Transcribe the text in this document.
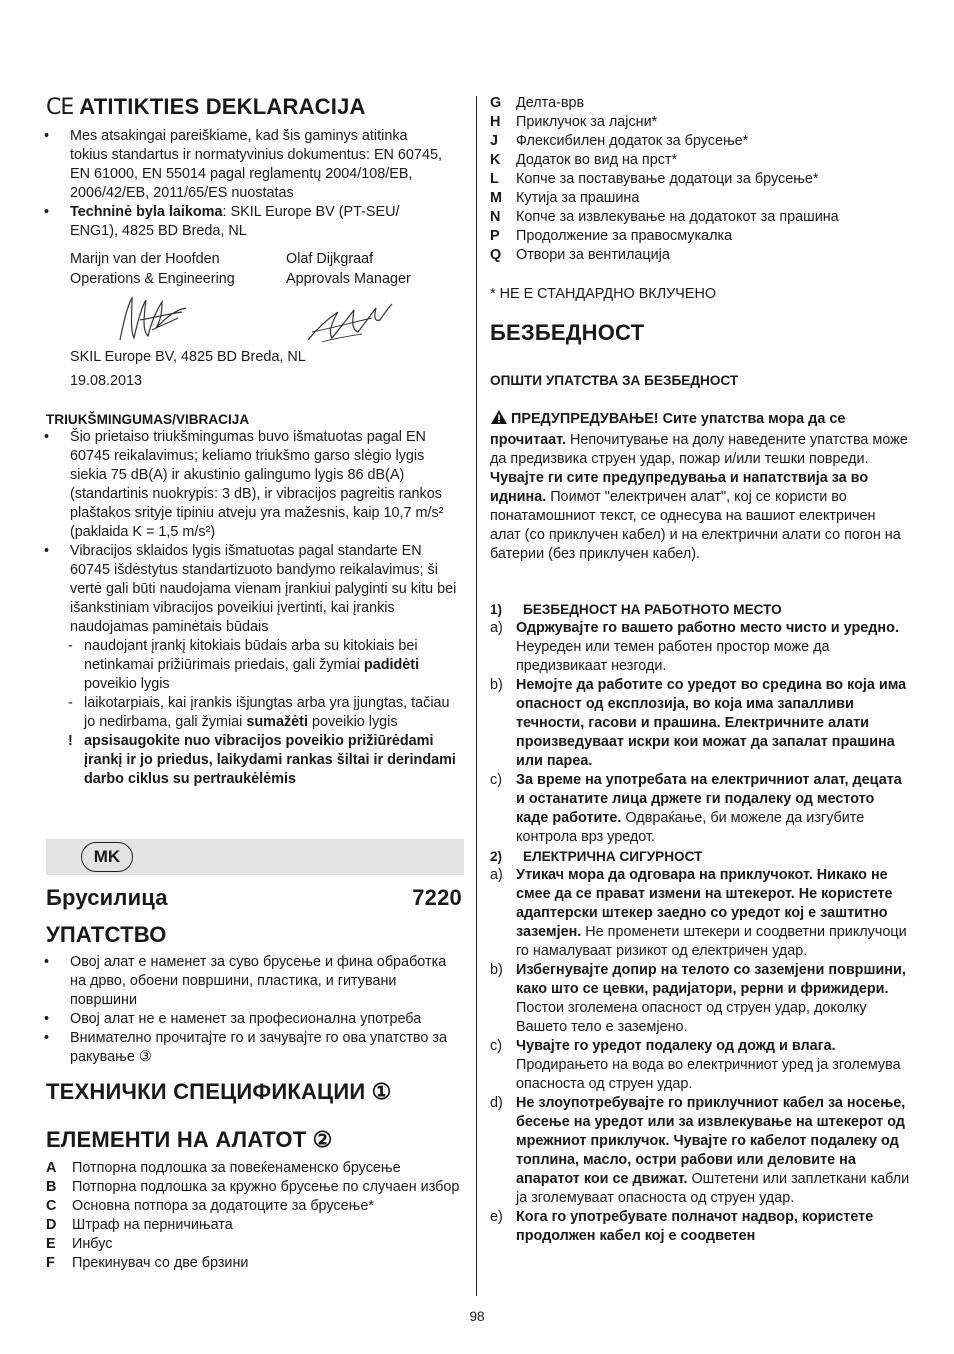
CE ATITIKTIES DEKLARACIJA
• Mes atsakingai pareiškiame, kad šis gaminys atitinka tokius standartus ir normatyvinius dokumentus: EN 60745, EN 61000, EN 55014 pagal reglamentų 2004/108/EB, 2006/42/EB, 2011/65/ES nuostatas
• Techninė byla laikoma: SKIL Europe BV (PT-SEU/ ENG1), 4825 BD Breda, NL
Marijn van der Hoofden
Operations & Engineering
Olaf Dijkgraaf
Approvals Manager
SKIL Europe BV, 4825 BD Breda, NL
19.08.2013
TRIUKŠMINGUMAS/VIBRACIJA
• Šio prietaiso triukšmingumas buvo išmatuotas pagal EN 60745 reikalavimus; keliamo triukšmo garso slėgio lygis siekia 75 dB(A) ir akustinio galingumo lygis 86 dB(A) (standartinis nuokrypis: 3 dB), ir vibracijos pagreitis rankos plaštakos srityje tipiniu atveju yra mažesnis, kaip 10,7 m/s² (paklaida K = 1,5 m/s²)
• Vibracijos sklaidos lygis išmatuotas pagal standarte EN 60745 išdėstytus standartizuoto bandymo reikalavimus; ši vertė gali būti naudojama vienam įrankiui palyginti su kitu bei išankstiniam vibracijos poveikiui įvertinti, kai įrankis naudojamas paminėtais būdais
- naudojant įrankį kitokiais būdais arba su kitokiais bei netinkamai prižiūrimais priedais, gali žymiai padidėti poveikio lygis
- laikotarpiais, kai įrankis išjungtas arba yra įjungtas, tačiau jo nedirbama, gali žymiai sumažėti poveikio lygis
! apsisaugokite nuo vibracijos poveikio prižiūrėdami įrankį ir jo priedus, laikydami rankas šiltai ir derindami darbo ciklus su pertraukėlėmis
MK
Брусилица	7220
УПАТСТВО
• Овој алат е наменет за суво брусење и фина обработка на дрво, обоени површини, пластика, и гитувани површини
• Овој алат не е наменет за професионална употреба
• Внимателно прочитајте го и зачувајте го ова упатство за ракување ③
ТЕХНИЧКИ СПЕЦИФИКАЦИИ ①
ЕЛЕМЕНТИ НА АЛАТОТ ②
A Потпорна подлошка за повеќенаменско брусење
B Потпорна подлошка за кружно брусење по случаен избор
C Основна потпора за додатоците за брусење*
D Штраф на перничињата
E Инбус
F Прекинувач со две брзини
G Делта-врв
H Приклучок за лајсни*
J Флексибилен додаток за брусење*
K Додаток во вид на прст*
L Копче за поставување додатоци за брусење*
M Кутија за прашина
N Копче за извлекување на додатокот за прашина
P Продолжение за правосмукалка
Q Отвори за вентилација
* НЕ Е СТАНДАРДНО ВКЛУЧЕНО
БЕЗБЕДНОСТ
ОПШТИ УПАТСТВА ЗА БЕЗБЕДНОСТ
ПРЕДУПРЕДУВАЊЕ! Сите упатства мора да се прочитаат. Непочитување на долу наведените упатства може да предизвика струен удар, пожар и/или тешки повреди. Чувајте ги сите предупредувања и напатствија за во иднина. Поимот "електричен алат", кој се користи во понатамошниот текст, се однесува на вашиот електричен алат (со приклучен кабел) и на електрични алати со погон на батерии (без приклучен кабел).
1) БЕЗБЕДНОСТ НА РАБОТНОТО МЕСТО
a) Одржувајте го вашето работно место чисто и уредно. Неуреден или темен работен простор може да предизвикаат незгоди.
b) Немојте да работите со уредот во средина во која има опасност од експлозија, во која има запалливи течности, гасови и прашина. Електричните алати произведуваат искри кои можат да запалат прашина или пареа.
c) За време на употребата на електричниот алат, децата и останатите лица држете ги подалеку од местото каде работите. Одвраќање, би можеле да изгубите контрола врз уредот.
2) ЕЛЕКТРИЧНА СИГУРНОСТ
a) Утикач мора да одговара на приклучокот. Никако не смее да се прават измени на штекерот. Не користете адаптерски штекер заедно со уредот кој е заштитно заземјен. Не променети штекери и соодветни приклучоци го намалуваат ризикот од електричен удар.
b) Избегнувајте допир на телото со заземјени површини, како што се цевки, радијатори, рерни и фрижидери. Постои зголемена опасност од струен удар, доколку Вашето тело е заземјено.
c) Чувајте го уредот подалеку од дожд и влага. Продирањето на вода во електричниот уред ја зголемува опасноста од струен удар.
d) Не злоупотребувајте го приклучниот кабел за носење, бесење на уредот или за извлекување на штекерот од мрежниот приклучок. Чувајте го кабелот подалеку од топлина, масло, остри рабови или деловите на апаратот кои се движат. Оштетени или заплеткани кабли ја зголемуваат опасноста од струен удар.
e) Кога го употребувате полначот надвор, користете продолжен кабел кој е соодветен
98
